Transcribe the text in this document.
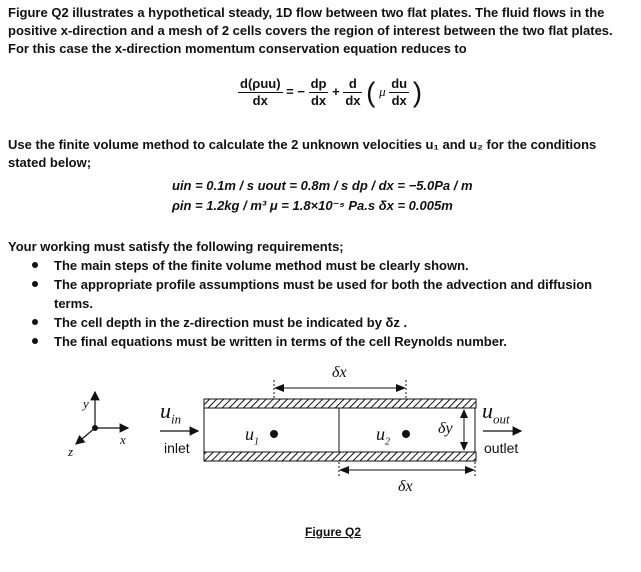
Figure Q2 illustrates a hypothetical steady, 1D flow between two flat plates. The fluid flows in the positive x-direction and a mesh of 2 cells covers the region of interest between the two flat plates. For this case the x-direction momentum conservation equation reduces to
$\frac{\text{d(ρuu)}}{dx}$ = − $\frac{dp}{dx} + \frac{d}{dx}$ ( μ $\frac{du}{dx}$ )
Use the finite volume method to calculate the 2 unknown velocities u₁ and u₂ for the conditions stated below;
uin = 0.1m / s uout = 0.8m / s dp / dx = −5.0Pa / m
ρin = 1.2kg / m³ μ = 1.8×10⁻⁵ Pa.s δx = 0.005m
Your working must satisfy the following requirements;
The main steps of the finite volume method must be clearly shown.
The appropriate profile assumptions must be used for both the advection and diffusion terms.
The cell depth in the z-direction must be indicated by δz .
The final equations must be written in terms of the cell Reynolds number.
y
x
z
$u_{in}$
inlet
$u_1$	$u_2$
δx
δx
δy
$u_{out}$
outlet
Figure Q2
